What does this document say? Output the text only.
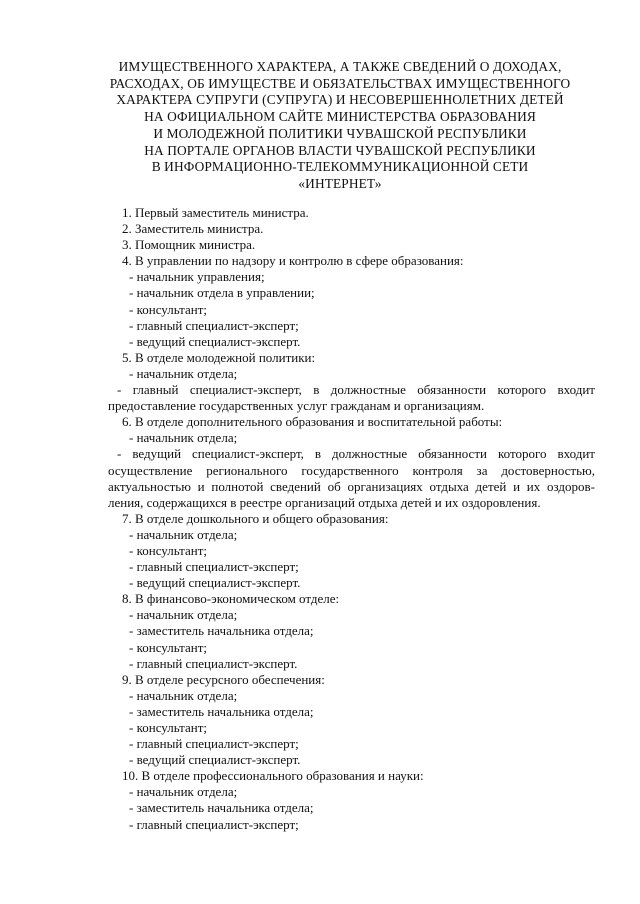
ИМУЩЕСТВЕННОГО ХАРАКТЕРА, А ТАКЖЕ СВЕДЕНИЙ О ДОХОДАХ,
РАСХОДАХ, ОБ ИМУЩЕСТВЕ И ОБЯЗАТЕЛЬСТВАХ ИМУЩЕСТВЕННОГО
ХАРАКТЕРА СУПРУГИ (СУПРУГА) И НЕСОВЕРШЕННОЛЕТНИХ ДЕТЕЙ
НА ОФИЦИАЛЬНОМ САЙТЕ МИНИСТЕРСТВА ОБРАЗОВАНИЯ
И МОЛОДЕЖНОЙ ПОЛИТИКИ ЧУВАШСКОЙ РЕСПУБЛИКИ
НА ПОРТАЛЕ ОРГАНОВ ВЛАСТИ ЧУВАШСКОЙ РЕСПУБЛИКИ
В ИНФОРМАЦИОННО-ТЕЛЕКОММУНИКАЦИОННОЙ СЕТИ
«ИНТЕРНЕТ»
1. Первый заместитель министра.
2. Заместитель министра.
3. Помощник министра.
4. В управлении по надзору и контролю в сфере образования:
- начальник управления;
- начальник отдела в управлении;
- консультант;
- главный специалист-эксперт;
- ведущий специалист-эксперт.
5. В отделе молодежной политики:
- начальник отдела;
- главный специалист-эксперт, в должностные обязанности которого входит
предоставление государственных услуг гражданам и организациям.
6. В отделе дополнительного образования и воспитательной работы:
- начальник отдела;
- ведущий специалист-эксперт, в должностные обязанности которого входит
осуществление регионального государственного контроля за достоверностью,
актуальностью и полнотой сведений об организациях отдыха детей и их оздоров-
ления, содержащихся в реестре организаций отдыха детей и их оздоровления.
7. В отделе дошкольного и общего образования:
- начальник отдела;
- консультант;
- главный специалист-эксперт;
- ведущий специалист-эксперт.
8. В финансово-экономическом отделе:
- начальник отдела;
- заместитель начальника отдела;
- консультант;
- главный специалист-эксперт.
9. В отделе ресурсного обеспечения:
- начальник отдела;
- заместитель начальника отдела;
- консультант;
- главный специалист-эксперт;
- ведущий специалист-эксперт.
10. В отделе профессионального образования и науки:
- начальник отдела;
- заместитель начальника отдела;
- главный специалист-эксперт;
